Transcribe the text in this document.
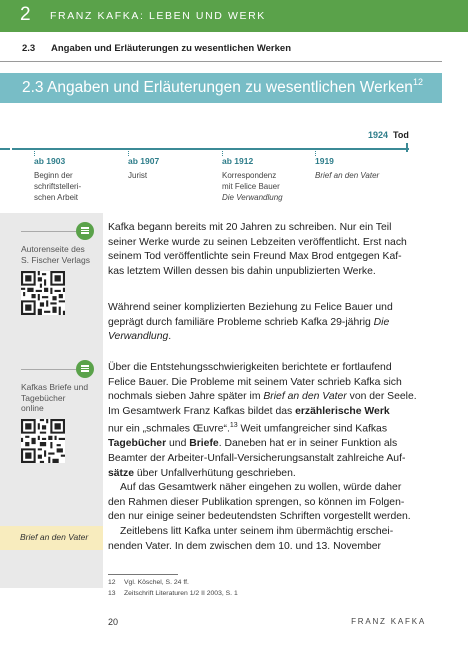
2 FRANZ KAFKA: LEBEN UND WERK
2.3 Angaben und Erläuterungen zu wesentlichen Werken
2.3 Angaben und Erläuterungen zu wesentlichen Werken$^{12}$
1924 Tod
ab 1903
Beginn der
schriftstelleri-
schen Arbeit
ab 1907
Jurist
ab 1912
Korrespondenz
mit Felice Bauer
Die Verwandlung
1919
Brief an den Vater
Autorenseite des
S. Fischer Verlags
Kafkas Briefe und
Tagebücher
online
Brief an den Vater
Kafka begann bereits mit 20 Jahren zu schreiben. Nur ein Teil
seiner Werke wurde zu seinen Lebzeiten veröffentlicht. Erst nach
seinem Tod veröffentlichte sein Freund Max Brod entgegen Kaf-
kas letztem Willen dessen bis dahin unpublizierten Werke.
Während seiner komplizierten Beziehung zu Felice Bauer und
geprägt durch familiäre Probleme schrieb Kafka 29-jährig Die
Verwandlung.
Über die Entstehungsschwierigkeiten berichtete er fortlaufend
Felice Bauer. Die Probleme mit seinem Vater schrieb Kafka sich
nochmals sieben Jahre später im Brief an den Vater von der Seele.
Im Gesamtwerk Franz Kafkas bildet das erzählerische Werk
nur ein „schmales Œuvre“.$^{13}$ Weit umfangreicher sind Kafkas
Tagebücher und Briefe. Daneben hat er in seiner Funktion als
Beamter der Arbeiter-Unfall-Versicherungsanstalt zahlreiche Auf-
sätze über Unfallverhütung geschrieben.
Auf das Gesamtwerk näher eingehen zu wollen, würde daher
den Rahmen dieser Publikation sprengen, so können im Folgen-
den nur einige seiner bedeutendsten Schriften vorgestellt werden.
Zeitlebens litt Kafka unter seinem ihm übermächtig erschei-
nenden Vater. In dem zwischen dem 10. und 13. November
12 Vgl. Köschel, S. 24 ff.
13 Zeitschrift Literaturen 1/2 II 2003, S. 1
20	FRANZ KAFKA
